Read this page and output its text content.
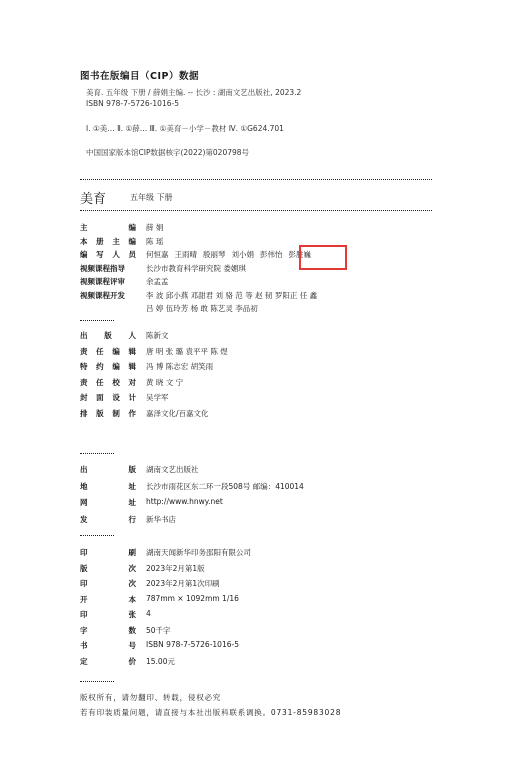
图书在版编目（CIP）数据
美育. 五年级 下册 / 薛娟主编. -- 长沙 : 湖南文艺出版社, 2023.2
ISBN 978-7-5726-1016-5
Ⅰ. ①美… Ⅱ. ①薛… Ⅲ. ①美育－小学－教材 Ⅳ. ①G624.701
中国国家版本馆CIP数据核字(2022)第020798号
美育	五年级 下册
主	编 薛 娟
本 册 主 编 陈 瑶
编 写 人 员 何恒嘉 王雨晴 殷丽琴 刘小娟 彭伟怡 彭胜巍
视频课程指导	长沙市教育科学研究院 娄媚琪
视频课程评审	余孟孟
视频课程开发	李 波 邱小燕 邓甜君 刘 骆 范 等 赵 韧 罗阳正 任 鑫
吕 婷 伍玲芳 杨 敢 陈艺灵 李品初
出 版 人 陈新文
责 任 编 辑 唐 明 张 璐 袁平平 陈 煜
特 约 编 辑 冯 博 陈志宏 胡笑雨
责 任 校 对 黄 晓 文 宁
封 面 设 计 吴学军
排 版 制 作 嘉泽文化/百嘉文化
出	版 湖南文艺出版社
地	址 长沙市雨花区东二环一段508号 邮编：410014
网	址 http://www.hnwy.net
发	行 新华书店
印	刷 湖南天闻新华印务邵阳有限公司
版	次 2023年2月第1版
印	次 2023年2月第1次印刷
开	本 787mm × 1092mm 1/16
印	张 4
字	数 50千字
书	号 ISBN 978-7-5726-1016-5
定	价 15.00元
版权所有，请勿翻印、转载，侵权必究
若有印装质量问题，请直接与本社出版科联系调换。0731-85983028
